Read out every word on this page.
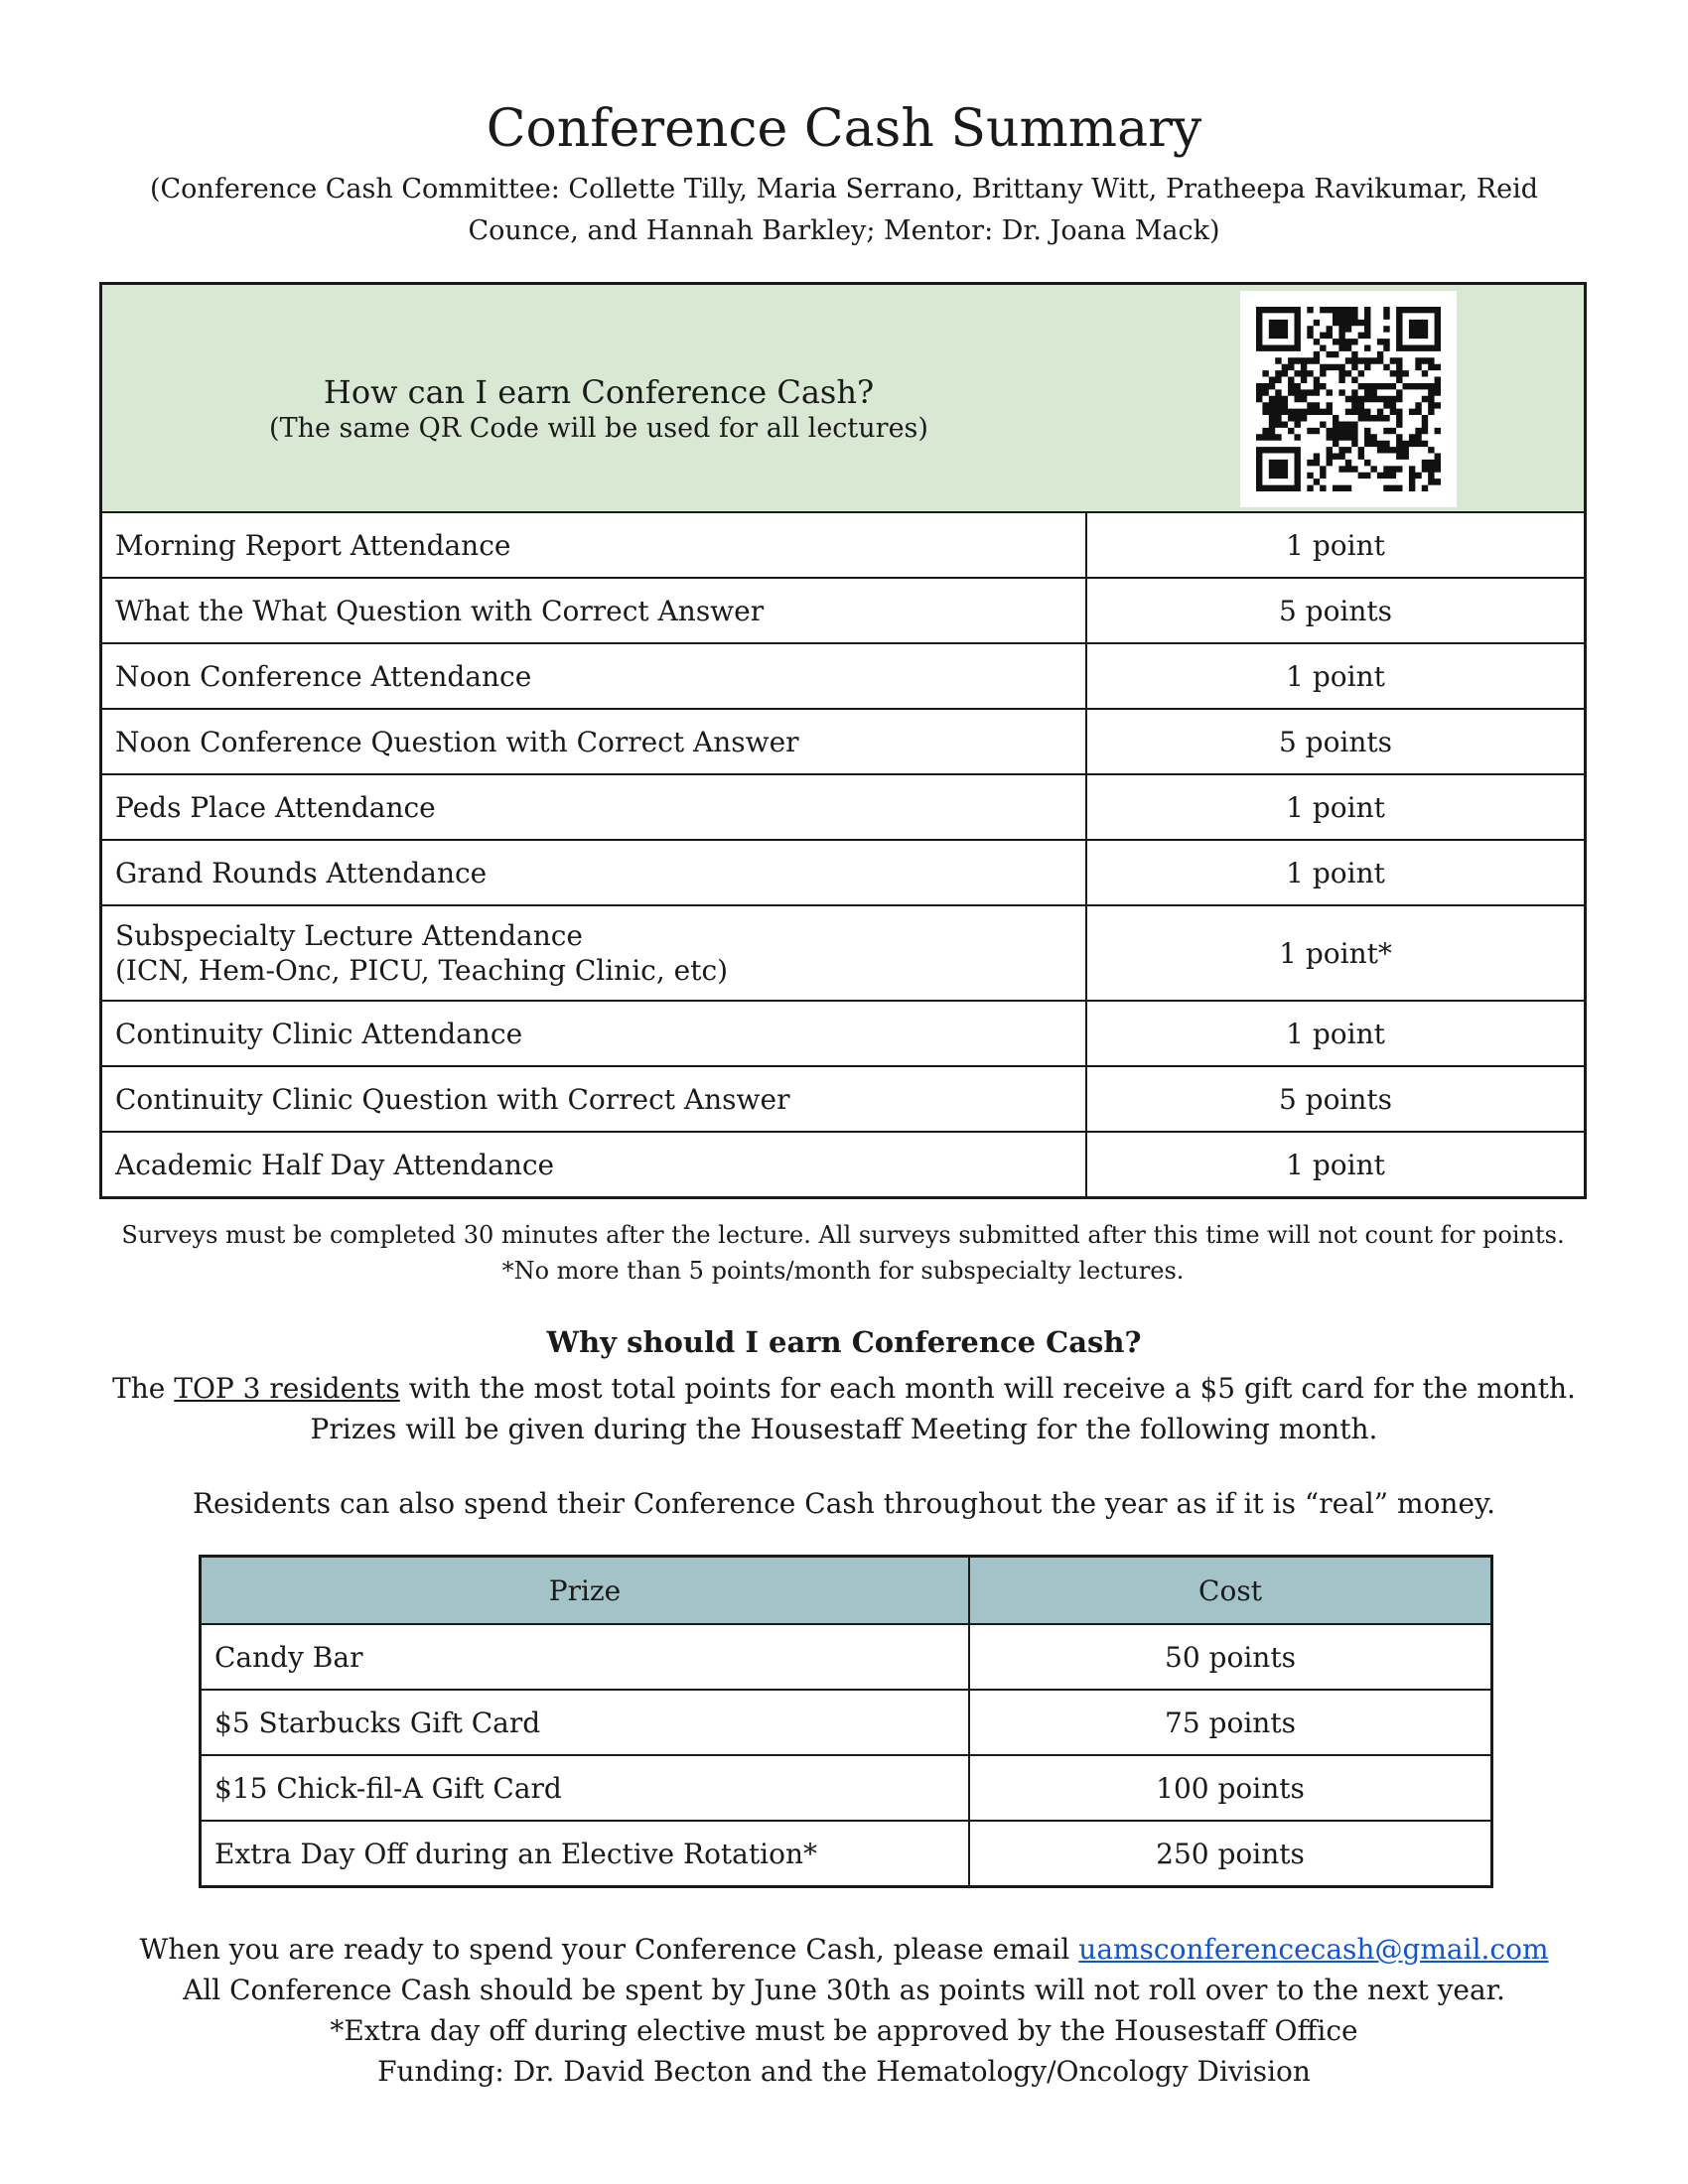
Conference Cash Summary
(Conference Cash Committee: Collette Tilly, Maria Serrano, Brittany Witt, Pratheepa Ravikumar, Reid Counce, and Hannah Barkley; Mentor: Dr. Joana Mack)
How can I earn Conference Cash?
(The same QR Code will be used for all lectures)	

Morning Report Attendance	1 point

What the What Question with Correct Answer	5 points

Noon Conference Attendance	1 point

Noon Conference Question with Correct Answer	5 points

Peds Place Attendance	1 point

Grand Rounds Attendance	1 point

Subspecialty Lecture Attendance
(ICN, Hem-Onc, PICU, Teaching Clinic, etc)	1 point*

Continuity Clinic Attendance	1 point

Continuity Clinic Question with Correct Answer	5 points

Academic Half Day Attendance	1 point
Surveys must be completed 30 minutes after the lecture. All surveys submitted after this time will not count for points.
*No more than 5 points/month for subspecialty lectures.
Why should I earn Conference Cash?
The TOP 3 residents with the most total points for each month will receive a $5 gift card for the month. Prizes will be given during the Housestaff Meeting for the following month.
Residents can also spend their Conference Cash throughout the year as if it is “real” money.
Prize	Cost
Candy Bar	50 points
$5 Starbucks Gift Card	75 points
$15 Chick-fil-A Gift Card	100 points
Extra Day Off during an Elective Rotation*	250 points
When you are ready to spend your Conference Cash, please email uamsconferencecash@gmail.com
All Conference Cash should be spent by June 30th as points will not roll over to the next year.
*Extra day off during elective must be approved by the Housestaff Office
Funding: Dr. David Becton and the Hematology/Oncology Division
